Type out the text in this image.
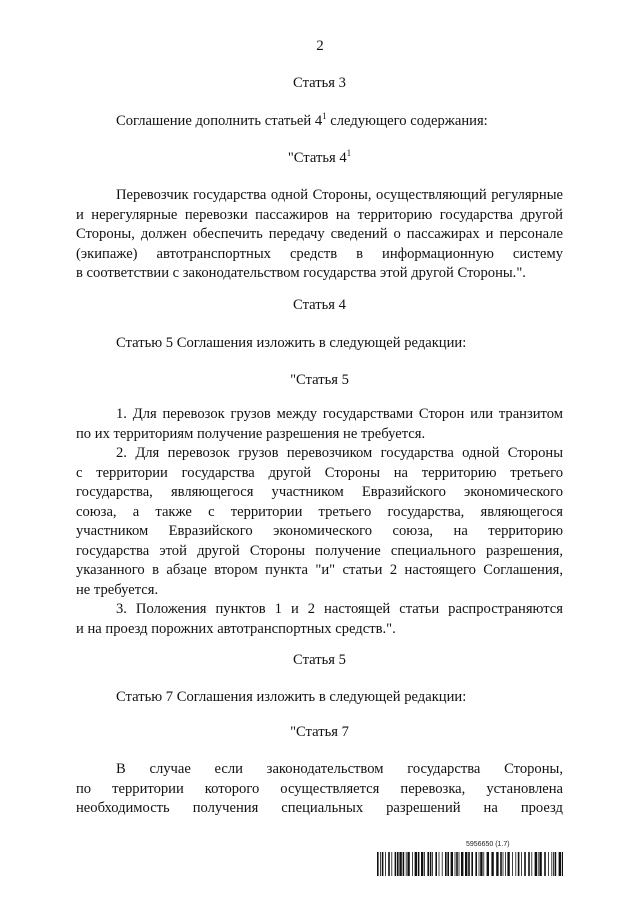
2
Статья 3
Соглашение дополнить статьей $4^1$ следующего содержания:
"Статья $4^1$
Перевозчик государства одной Стороны, осуществляющий регулярные
и нерегулярные перевозки пассажиров на территорию государства другой
Стороны, должен обеспечить передачу сведений о пассажирах и персонале
(экипаже) автотранспортных средств в информационную систему
в соответствии с законодательством государства этой другой Стороны.".
Статья 4
Статью 5 Соглашения изложить в следующей редакции:
"Статья 5
1. Для перевозок грузов между государствами Сторон или транзитом
по их территориям получение разрешения не требуется.
2. Для перевозок грузов перевозчиком государства одной Стороны
с территории государства другой Стороны на территорию третьего
государства, являющегося участником Евразийского экономического
союза, а также с территории третьего государства, являющегося
участником Евразийского экономического союза, на территорию
государства этой другой Стороны получение специального разрешения,
указанного в абзаце втором пункта "и" статьи 2 настоящего Соглашения,
не требуется.
3. Положения пунктов 1 и 2 настоящей статьи распространяются
и на проезд порожних автотранспортных средств.".
Статья 5
Статью 7 Соглашения изложить в следующей редакции:
"Статья 7
В случае если законодательством государства Стороны,
по территории которого осуществляется перевозка, установлена
необходимость получения специальных разрешений на проезд
5956650 (1.7)
